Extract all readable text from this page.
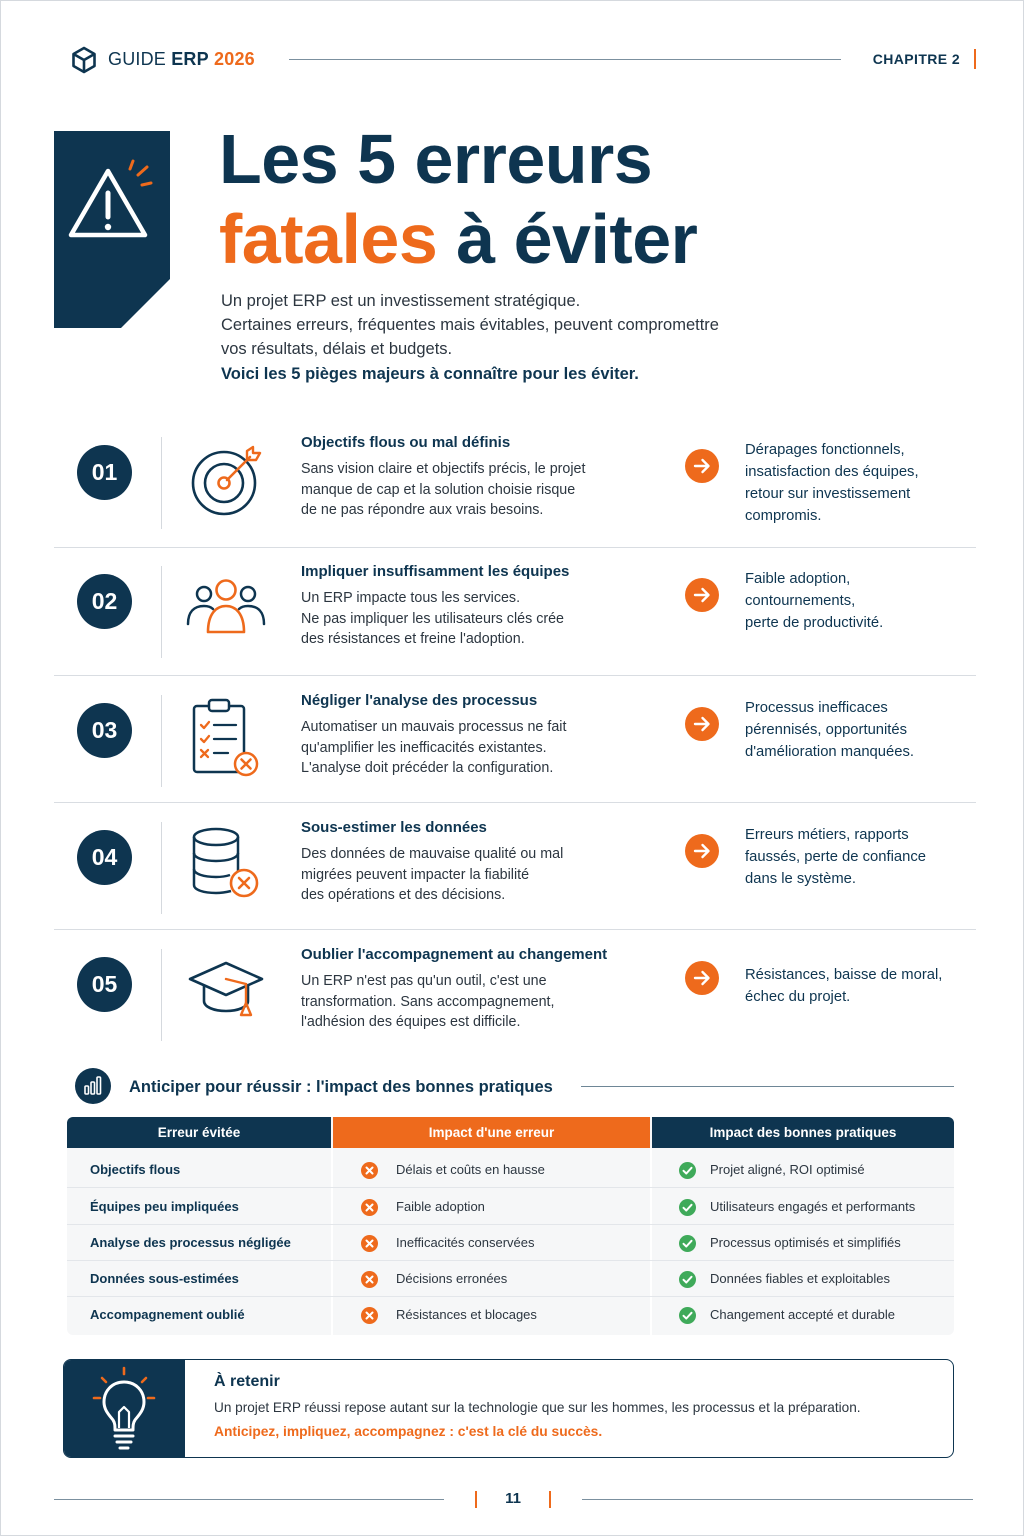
GUIDE ERP 2026	CHAPITRE 2
Les 5 erreurs
fatales à éviter
Un projet ERP est un investissement stratégique.
Certaines erreurs, fréquentes mais évitables, peuvent compromettre
vos résultats, délais et budgets.
Voici les 5 pièges majeurs à connaître pour les éviter.
01
Objectifs flous ou mal définis
Sans vision claire et objectifs précis, le projet
manque de cap et la solution choisie risque
de ne pas répondre aux vrais besoins.
Dérapages fonctionnels,
insatisfaction des équipes,
retour sur investissement
compromis.
02
Impliquer insuffisamment les équipes
Un ERP impacte tous les services.
Ne pas impliquer les utilisateurs clés crée
des résistances et freine l'adoption.
Faible adoption,
contournements,
perte de productivité.
03
Négliger l'analyse des processus
Automatiser un mauvais processus ne fait
qu'amplifier les inefficacités existantes.
L'analyse doit précéder la configuration.
Processus inefficaces
pérennisés, opportunités
d'amélioration manquées.
04
Sous-estimer les données
Des données de mauvaise qualité ou mal
migrées peuvent impacter la fiabilité
des opérations et des décisions.
Erreurs métiers, rapports
faussés, perte de confiance
dans le système.
05
Oublier l'accompagnement au changement
Un ERP n'est pas qu'un outil, c'est une
transformation. Sans accompagnement,
l'adhésion des équipes est difficile.
Résistances, baisse de moral,
échec du projet.
Anticiper pour réussir : l'impact des bonnes pratiques
Erreur évitée	Impact d'une erreur	Impact des bonnes pratiques
Objectifs flous	Délais et coûts en hausse	Projet aligné, ROI optimisé
Équipes peu impliquées	Faible adoption	Utilisateurs engagés et performants
Analyse des processus négligée	Inefficacités conservées	Processus optimisés et simplifiés
Données sous-estimées	Décisions erronées	Données fiables et exploitables
Accompagnement oublié	Résistances et blocages	Changement accepté et durable
À retenir
Un projet ERP réussi repose autant sur la technologie que sur les hommes, les processus et la préparation.
Anticipez, impliquez, accompagnez : c'est la clé du succès.
11
